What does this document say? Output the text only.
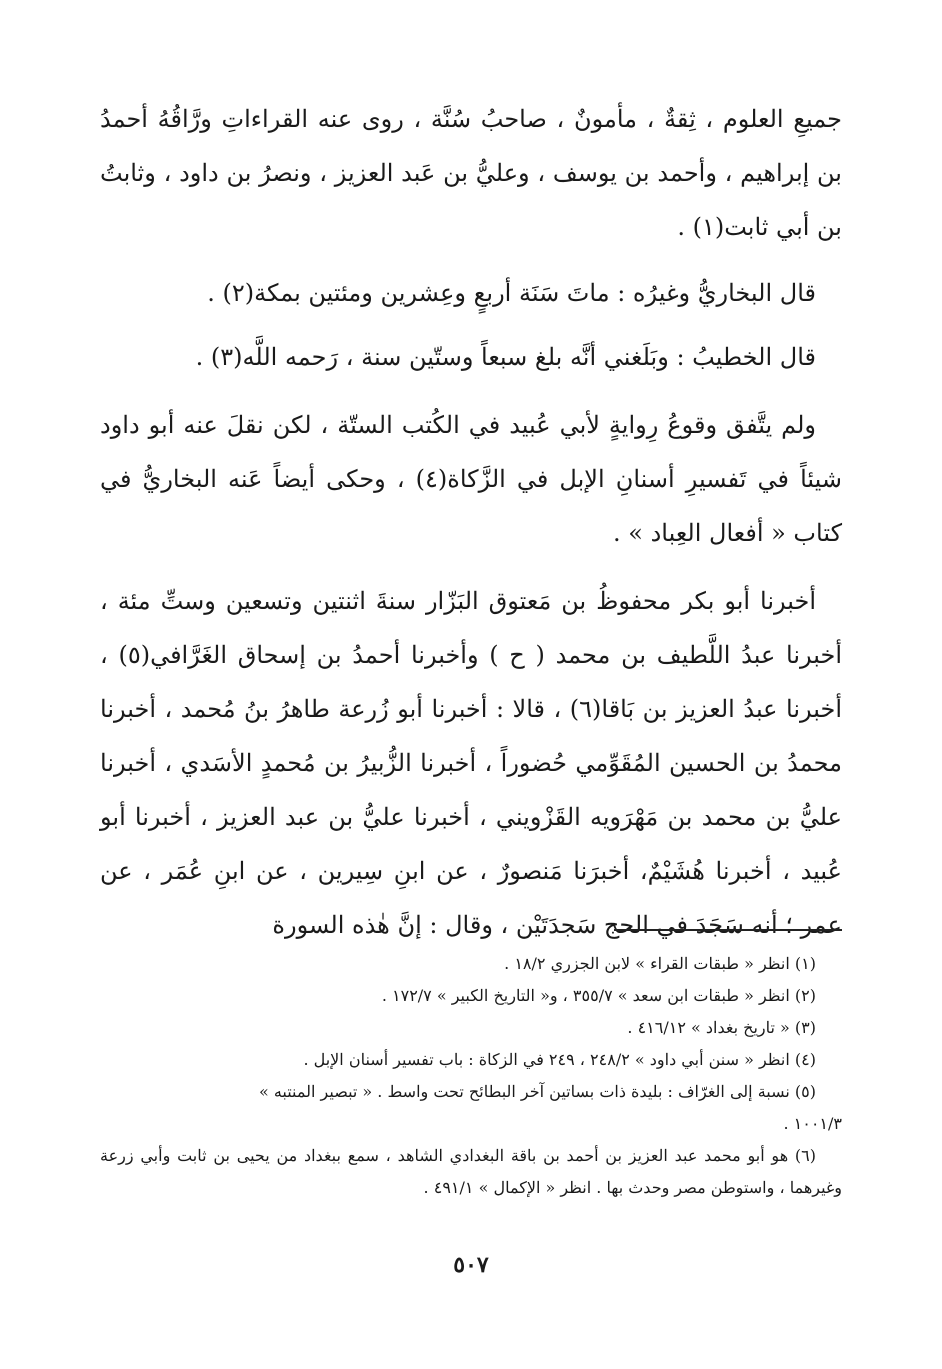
جميعِ العلوم ، ثِقةٌ ، مأمونٌ ، صاحبُ سُنَّة ، روى عنه القراءاتِ ورَّاقُهُ أحمدُ بن إبراهيم ، وأحمد بن يوسف ، وعليُّ بن عَبد العزيز ، ونصرُ بن داود ، وثابتُ بن أبي ثابت(١) .

قال البخاريُّ وغيرُه : ماتَ سَنَة أربعٍ وعِشرين ومئتين بمكة(٢) .

قال الخطيبُ : وبَلَغني أنَّه بلغ سبعاً وستّين سنة ، رَحمه اللَّه(٣) .

ولم يتَّفق وقوعُ رِوايةٍ لأبي عُبيد في الكُتب الستّة ، لكن نقلَ عنه أبو داود شيئاً في تَفسيرِ أسنانِ الإبل في الزَّكاة(٤) ، وحكى أيضاً عَنه البخاريُّ في كتاب « أفعال العِباد » .

أخبرنا أبو بكر محفوظُ بن مَعتوق البَزّار سنةَ اثنتين وتسعين وستِّ مئة ، أخبرنا عبدُ اللَّطيف بن محمد ( ح ) وأخبرنا أحمدُ بن إسحاق الغَرَّافي(٥) ، أخبرنا عبدُ العزيز بن بَاقا(٦) ، قالا : أخبرنا أبو زُرعة طاهرُ بنُ مُحمد ، أخبرنا محمدُ بن الحسين المُقَوِّمي حُضوراً ، أخبرنا الزُّبيرُ بن مُحمدٍ الأسَدي ، أخبرنا عليُّ بن محمد بن مَهْرَويه القَزْويني ، أخبرنا عليُّ بن عبد العزيز ، أخبرنا أبو عُبيد ، أخبرنا هُشَيْمٌ، أخبرَنا مَنصورٌ ، عن ابنِ سِيرين ، عن ابنِ عُمَر ، عن عمر ؛ أنه سَجَدَ في الحج سَجدَتَيْن ، وقال : إنَّ هٰذه السورة

(١) انظر « طبقات القراء » لابن الجزري ١٨/٢ .

(٢) انظر « طبقات ابن سعد » ٣٥٥/٧ ، و« التاريخ الكبير » ١٧٢/٧ .

(٣) « تاريخ بغداد » ٤١٦/١٢ .

(٤) انظر « سنن أبي داود » ٢٤٨/٢ ، ٢٤٩ في الزكاة : باب تفسير أسنان الإبل .

(٥) نسبة إلى الغرّاف : بليدة ذات بساتين آخر البطائح تحت واسط . « تبصير المنتبه »

١٠٠١/٣ .

(٦) هو أبو محمد عبد العزيز بن أحمد بن باقة البغدادي الشاهد ، سمع ببغداد من يحيى بن ثابت وأبي زرعة وغيرهما ، واستوطن مصر وحدث بها . انظر « الإكمال » ٤٩١/١ .

٥٠٧
